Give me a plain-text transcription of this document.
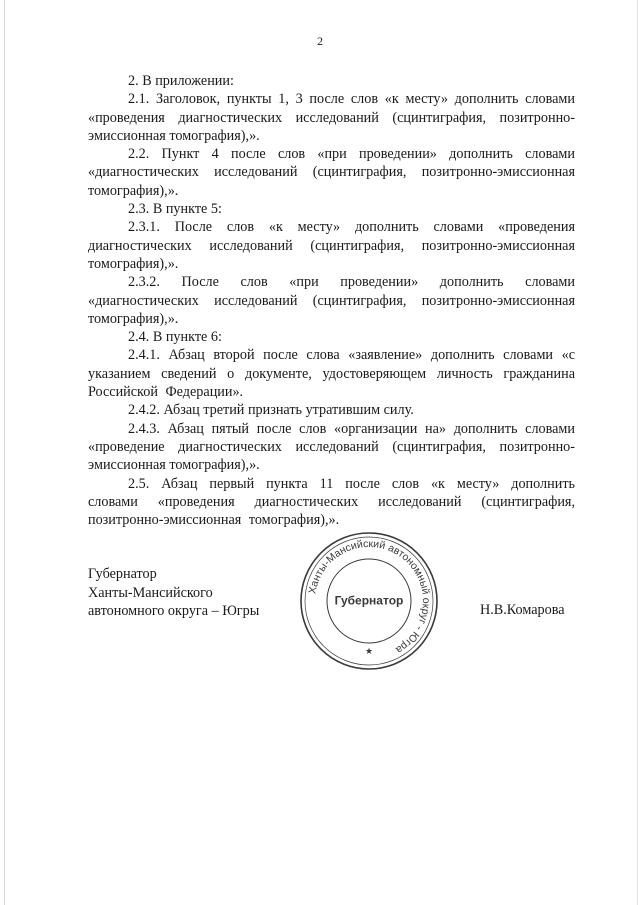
2

2. В приложении:

2.1. Заголовок, пункты 1, 3 после слов «к месту» дополнить словами «проведения диагностических исследований (сцинтиграфия, позитронно-эмиссионная томография),».

2.2. Пункт 4 после слов «при проведении» дополнить словами «диагностических исследований (сцинтиграфия, позитронно-эмиссионная томография),».

2.3. В пункте 5:

2.3.1. После слов «к месту» дополнить словами «проведения диагностических исследований (сцинтиграфия, позитронно-эмиссионная томография),».

2.3.2. После слов «при проведении» дополнить словами «диагностических исследований (сцинтиграфия, позитронно-эмиссионная томография),».

2.4. В пункте 6:

2.4.1. Абзац второй после слова «заявление» дополнить словами «с указанием сведений о документе, удостоверяющем личность гражданина Российской Федерации».

2.4.2. Абзац третий признать утратившим силу.

2.4.3. Абзац пятый после слов «организации на» дополнить словами «проведение диагностических исследований (сцинтиграфия, позитронно-эмиссионная томография),».

2.5. Абзац первый пункта 11 после слов «к месту» дополнить словами «проведения диагностических исследований (сцинтиграфия, позитронно-эмиссионная томография),».

Губернатор
Ханты-Мансийского
автономного округа – Югры
Ханты-Мансийский автономный округ - Югра
Губернатор
★
Н.В.Комарова
